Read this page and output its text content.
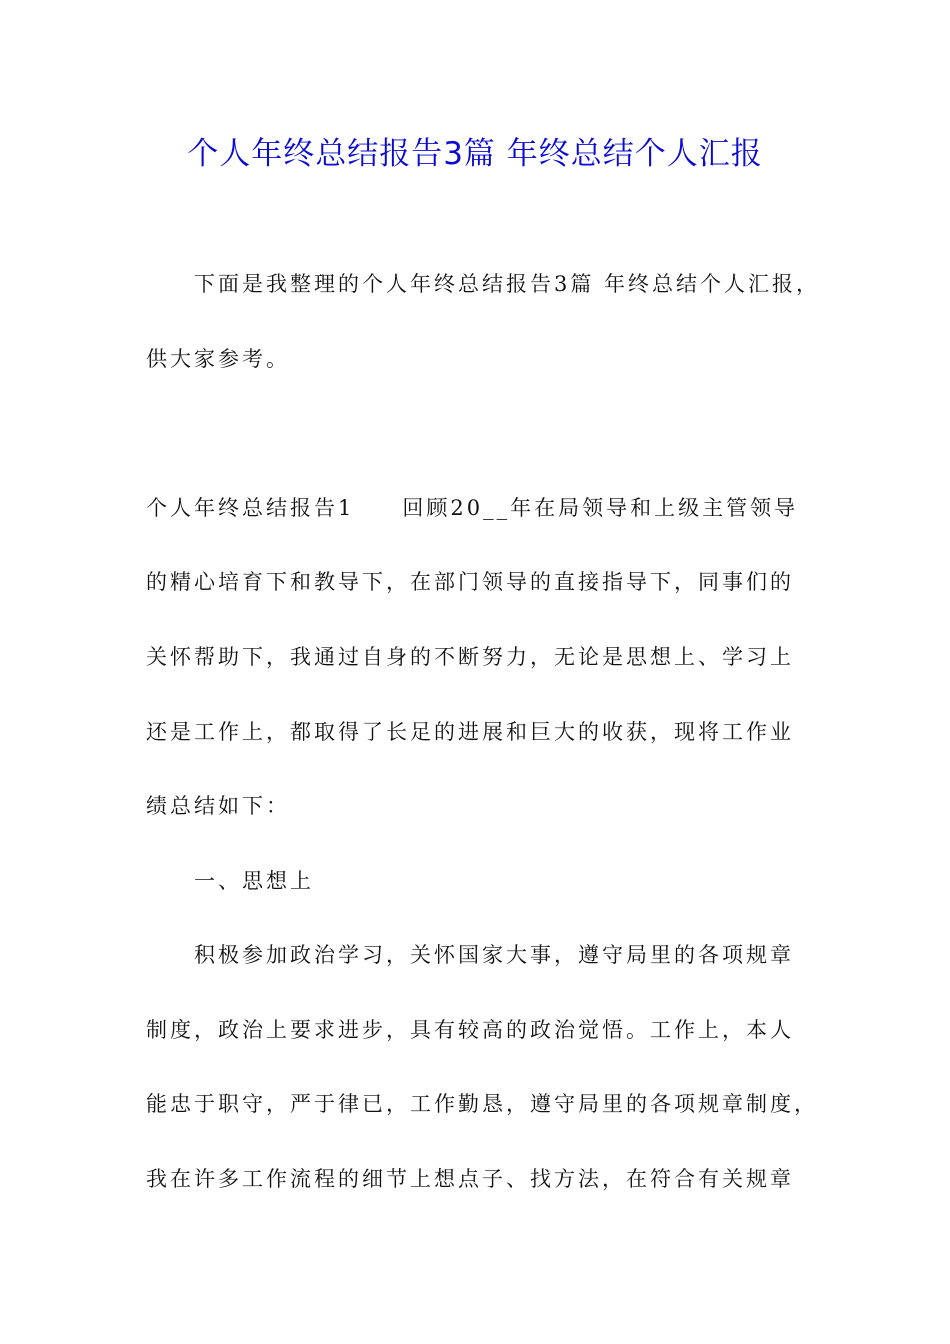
个人年终总结报告3篇 年终总结个人汇报
下面是我整理的个人年终总结报告3篇 年终总结个人汇报，
供大家参考。
个人年终总结报告1　　回顾20__年在局领导和上级主管领导
的精心培育下和教导下，在部门领导的直接指导下，同事们的
关怀帮助下，我通过自身的不断努力，无论是思想上、学习上
还是工作上，都取得了长足的进展和巨大的收获，现将工作业
绩总结如下：
一、思想上
积极参加政治学习，关怀国家大事，遵守局里的各项规章
制度，政治上要求进步，具有较高的政治觉悟。工作上，本人
能忠于职守，严于律已，工作勤恳，遵守局里的各项规章制度，
我在许多工作流程的细节上想点子、找方法，在符合有关规章
